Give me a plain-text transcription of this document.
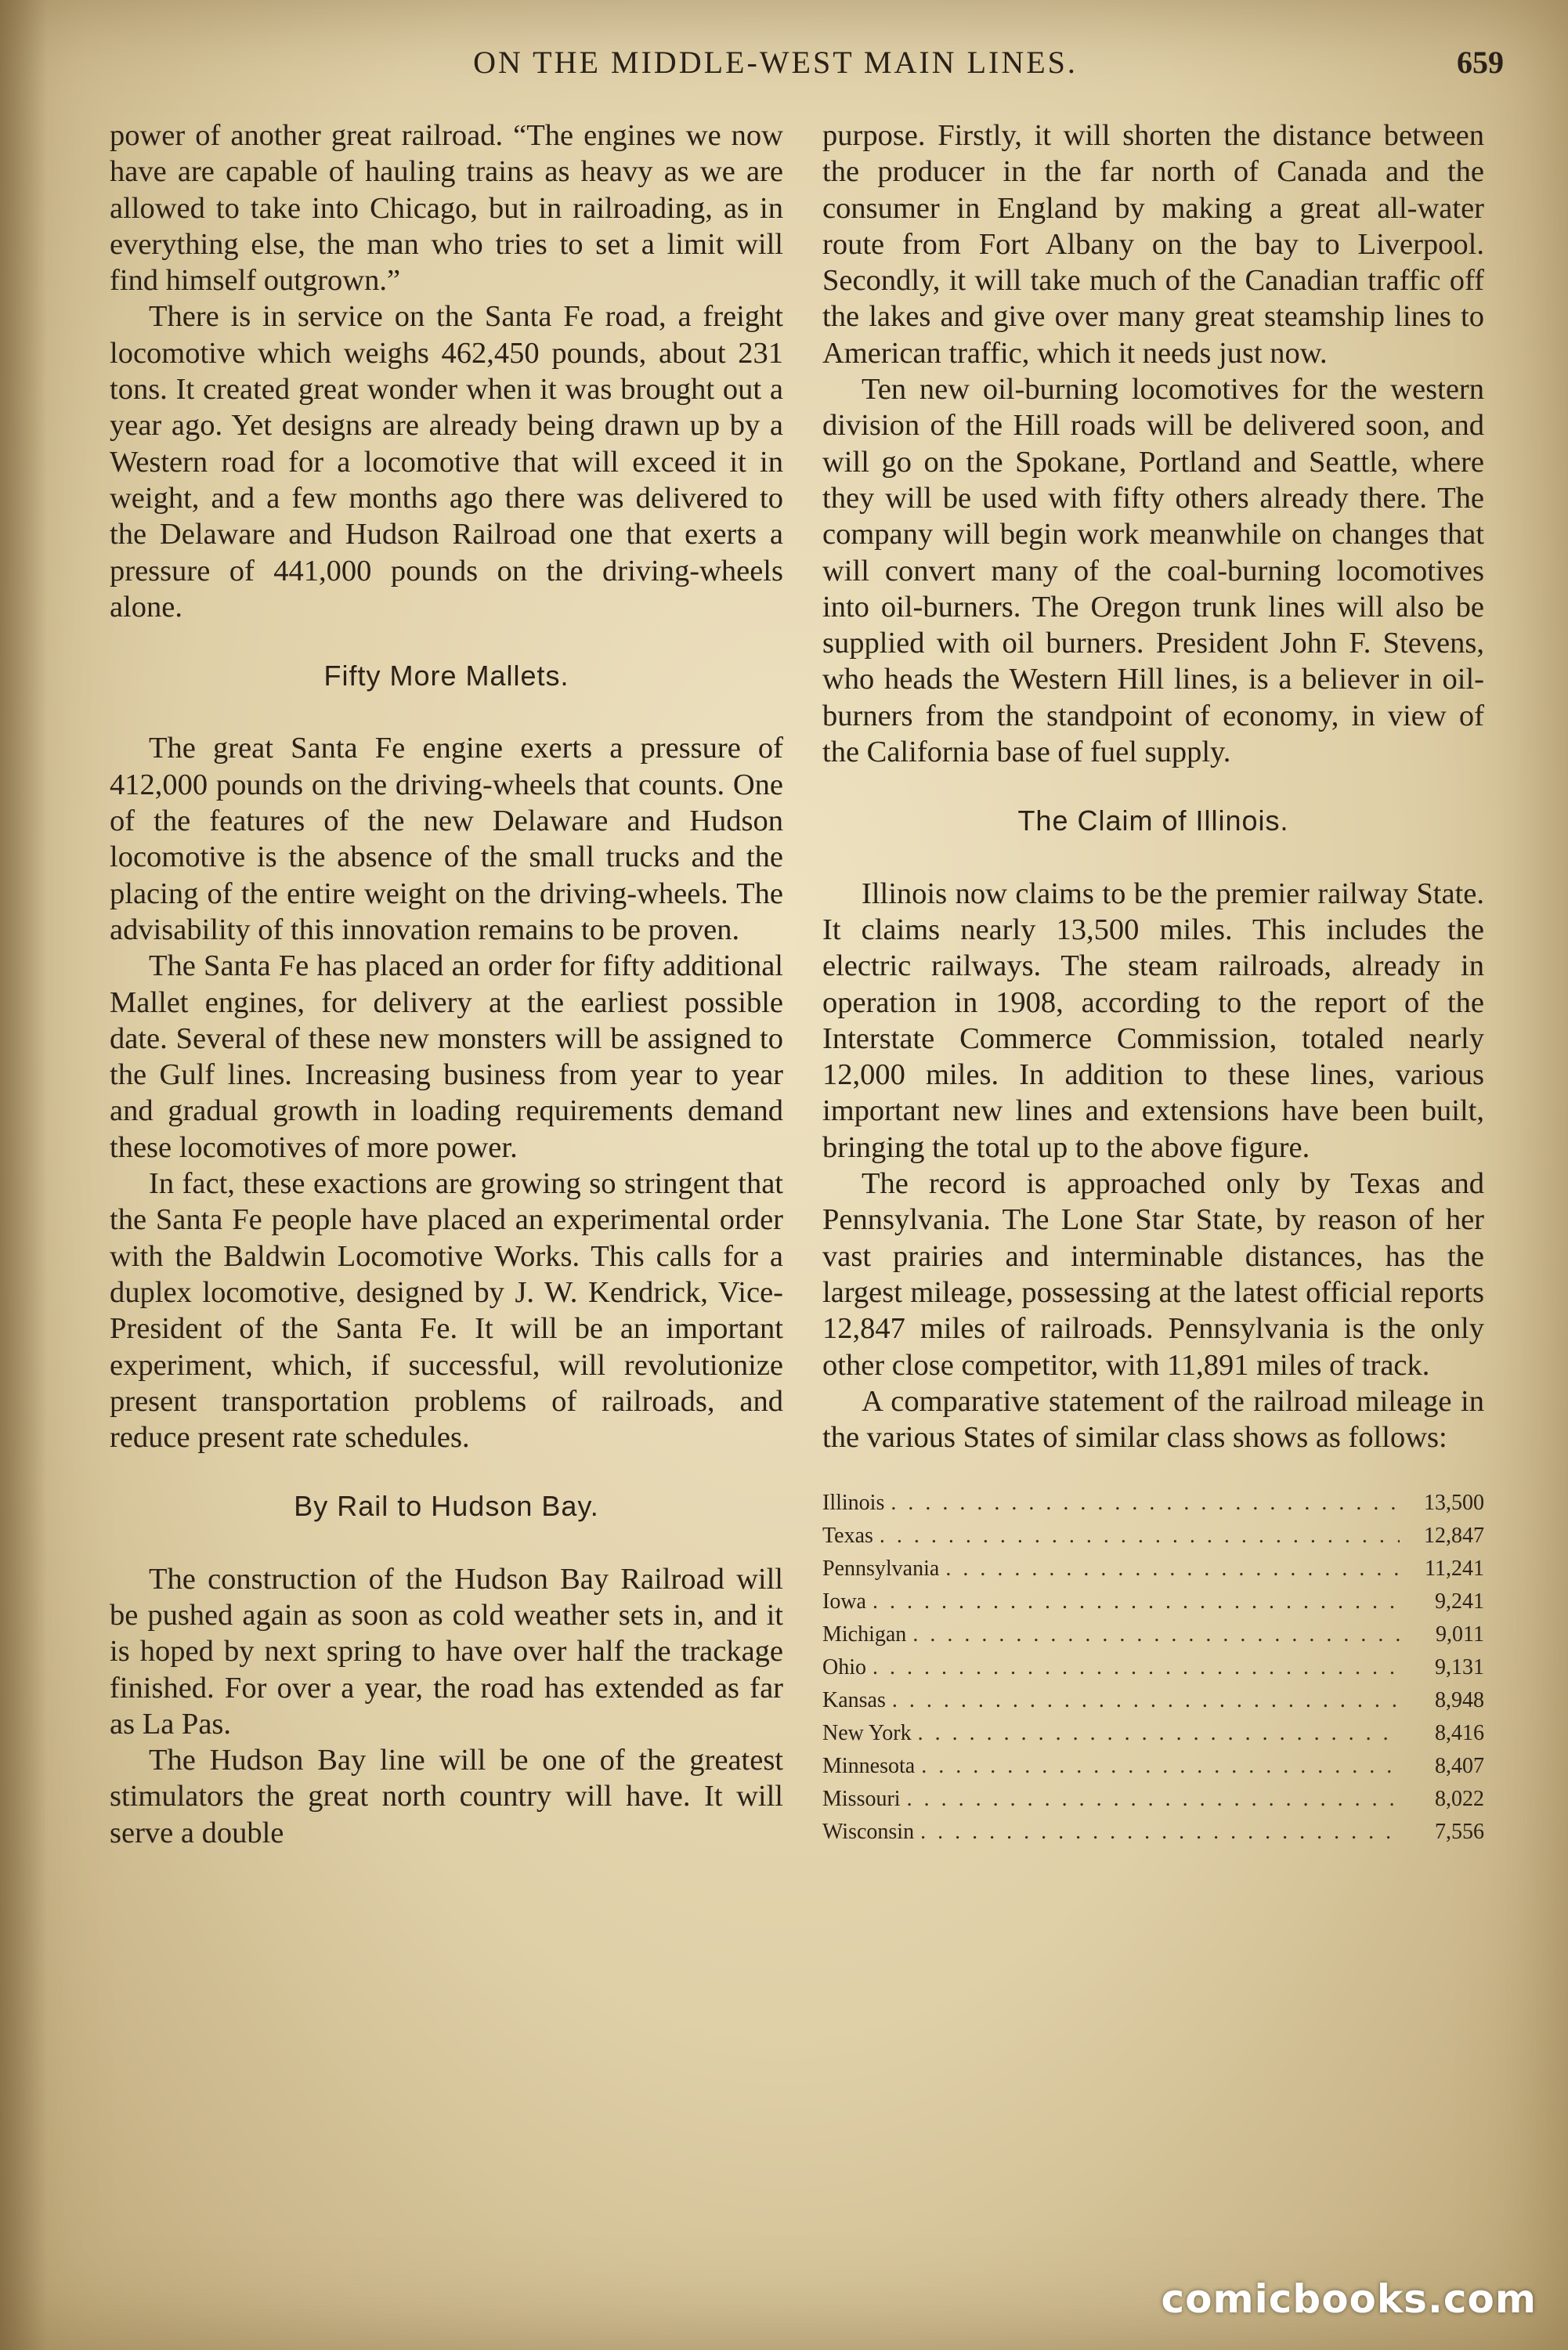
ON THE MIDDLE-WEST MAIN LINES.	659

power of another great railroad. “The engines we now have are capable of hauling trains as heavy as we are allowed to take into Chicago, but in railroading, as in everything else, the man who tries to set a limit will find himself outgrown.”

There is in service on the Santa Fe road, a freight locomotive which weighs 462,450 pounds, about 231 tons. It created great wonder when it was brought out a year ago. Yet designs are already being drawn up by a Western road for a locomotive that will exceed it in weight, and a few months ago there was delivered to the Delaware and Hudson Railroad one that exerts a pressure of 441,000 pounds on the driving-wheels alone.

Fifty More Mallets.

The great Santa Fe engine exerts a pressure of 412,000 pounds on the driving-wheels that counts. One of the features of the new Delaware and Hudson locomotive is the absence of the small trucks and the placing of the entire weight on the driving-wheels. The advisability of this innovation remains to be proven.

The Santa Fe has placed an order for fifty additional Mallet engines, for delivery at the earliest possible date. Several of these new monsters will be assigned to the Gulf lines. Increasing business from year to year and gradual growth in loading requirements demand these locomotives of more power.

In fact, these exactions are growing so stringent that the Santa Fe people have placed an experimental order with the Baldwin Locomotive Works. This calls for a duplex locomotive, designed by J. W. Kendrick, Vice-President of the Santa Fe. It will be an important experiment, which, if successful, will revolutionize present transportation problems of railroads, and reduce present rate schedules.

By Rail to Hudson Bay.

The construction of the Hudson Bay Railroad will be pushed again as soon as cold weather sets in, and it is hoped by next spring to have over half the trackage finished. For over a year, the road has extended as far as La Pas.

The Hudson Bay line will be one of the greatest stimulators the great north country will have. It will serve a double

purpose. Firstly, it will shorten the distance between the producer in the far north of Canada and the consumer in England by making a great all-water route from Fort Albany on the bay to Liverpool. Secondly, it will take much of the Canadian traffic off the lakes and give over many great steamship lines to American traffic, which it needs just now.

Ten new oil-burning locomotives for the western division of the Hill roads will be delivered soon, and will go on the Spokane, Portland and Seattle, where they will be used with fifty others already there. The company will begin work meanwhile on changes that will convert many of the coal-burning locomotives into oil-burners. The Oregon trunk lines will also be supplied with oil burners. President John F. Stevens, who heads the Western Hill lines, is a believer in oil-burners from the standpoint of economy, in view of the California base of fuel supply.

The Claim of Illinois.

Illinois now claims to be the premier railway State. It claims nearly 13,500 miles. This includes the electric railways. The steam railroads, already in operation in 1908, according to the report of the Interstate Commerce Commission, totaled nearly 12,000 miles. In addition to these lines, various important new lines and extensions have been built, bringing the total up to the above figure.

The record is approached only by Texas and Pennsylvania. The Lone Star State, by reason of her vast prairies and interminable distances, has the largest mileage, possessing at the latest official reports 12,847 miles of railroads. Pennsylvania is the only other close competitor, with 11,891 miles of track.

A comparative statement of the railroad mileage in the various States of similar class shows as follows:

Illinois . . .	13,500
Texas . . .	12,847
Pennsylvania . . .	11,241
Iowa . . .	9,241
Michigan . . .	9,011
Ohio . . .	9,131
Kansas . . .	8,948
New York . . .	8,416
Minnesota . . .	8,407
Missouri . . .	8,022
Wisconsin . . .	7,556
comicbooks.com
